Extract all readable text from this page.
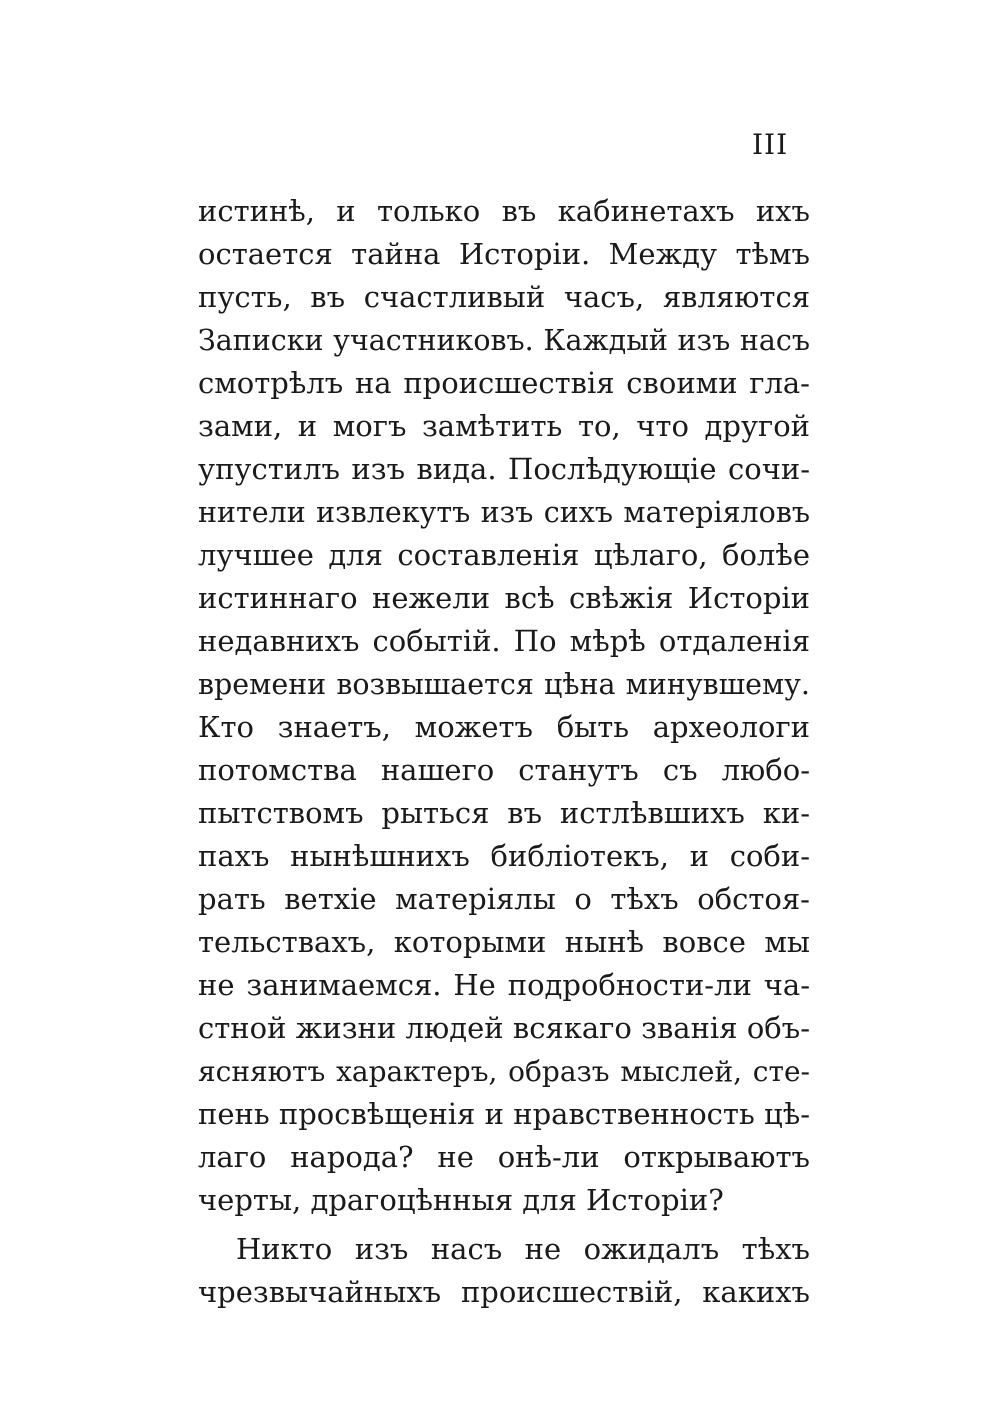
III
истинѣ, и только въ кабинетахъ ихъ
остается тайна Исторіи. Между тѣмъ
пусть, въ счастливый часъ, являются
Записки участниковъ. Каждый изъ насъ
смотрѣлъ на происшествія своими гла-
зами, и могъ замѣтить то, что другой
упустилъ изъ вида. Послѣдующіе сочи-
нители извлекутъ изъ сихъ матеріяловъ
лучшее для составленія цѣлаго, болѣе
истиннаго нежели всѣ свѣжія Исторіи
недавнихъ событій. По мѣрѣ отдаленія
времени возвышается цѣна минувшему.
Кто знаетъ, можетъ быть археологи
потомства нашего станутъ съ любо-
пытствомъ рыться въ истлѣвшихъ ки-
пахъ нынѣшнихъ библіотекъ, и соби-
рать ветхіе матеріялы о тѣхъ обстоя-
тельствахъ, которыми нынѣ вовсе мы
не занимаемся. Не подробности-ли ча-
стной жизни людей всякаго званія объ-
ясняютъ характеръ, образъ мыслей, сте-
пень просвѣщенія и нравственность цѣ-
лаго народа? не онѣ-ли открываютъ
черты, драгоцѣнныя для Исторіи?
Никто изъ насъ не ожидалъ тѣхъ
чрезвычайныхъ происшествій, какихъ
